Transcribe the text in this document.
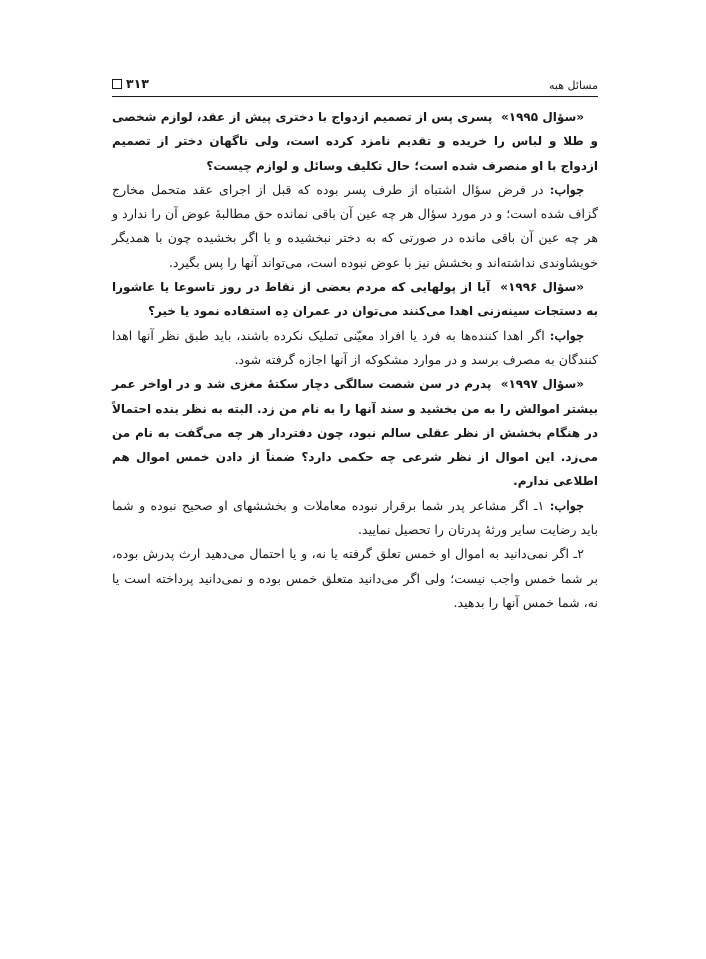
مسائل هبه
۳۱۳

«سؤال ۱۹۹۵»  پسری پس از تصمیم ازدواج با دختری پیش از عقد، لوازم شخصی و طلا و لباس را خریده و تقدیم نامزد کرده است، ولی ناگهان دختر از تصمیم ازدواج با او منصرف شده است؛ حال تکلیف وسائل و لوازم چیست؟

جواب: در فرض سؤال اشتباه از طرف پسر بوده که قبل از اجرای عقد متحمل مخارج گزاف شده است؛ و در مورد سؤال هر چه عین آن باقی نمانده حق مطالبهٔ عوض آن را ندارد و هر چه عین آن باقی مانده در صورتی که به دختر نبخشیده و یا اگر بخشیده چون با همدیگر خویشاوندی نداشته‌اند و بخشش نیز با عوض نبوده است، می‌تواند آنها را پس بگیرد.

«سؤال ۱۹۹۶»  آیا از پولهایی که مردم بعضی از نقاط در روز تاسوعا یا عاشورا به دستجات سینه‌زنی اهدا می‌کنند می‌توان در عمران دِه استفاده نمود یا خیر؟

جواب: اگر اهدا کننده‌ها به فرد یا افراد معیّنی تملیک نکرده باشند، باید طبق نظر آنها اهدا کنندگان به مصرف برسد و در موارد مشکوکه از آنها اجازه گرفته شود.

«سؤال ۱۹۹۷»  پدرم در سن شصت سالگی دچار سکتهٔ مغزی شد و در اواخر عمر بیشتر اموالش را به من بخشید و سند آنها را به نام من زد. البته به نظر بنده احتمالاً در هنگام بخشش از نظر عقلی سالم نبود، چون دفتردار هر چه می‌گفت به نام من می‌زد. این اموال از نظر شرعی چه حکمی دارد؟ ضمناً از دادن خمس اموال هم اطلاعی ندارم.

جواب: ۱ـ اگر مشاعر پدر شما برقرار نبوده معاملات و بخششهای او صحیح نبوده و شما باید رضایت سایر ورثهٔ پدرتان را تحصیل نمایید.

۲ـ اگر نمی‌دانید به اموال او خمس تعلق گرفته یا نه، و یا احتمال می‌دهید ارث پدرش بوده، بر شما خمس واجب نیست؛ ولی اگر می‌دانید متعلق خمس بوده و نمی‌دانید پرداخته است یا نه، شما خمس آنها را بدهید.
